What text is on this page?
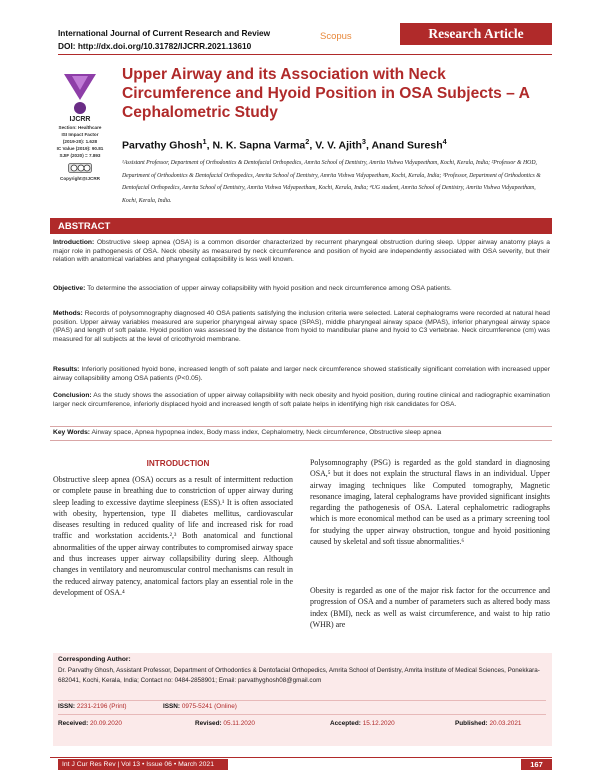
International Journal of Current Research and Review
DOI: http://dx.doi.org/10.31782/IJCRR.2021.13610
Scopus	Research Article
IJCRR
Section: Healthcare
ISI Impact Factor
(2019-20): 1.628
IC Value (2019): 90.81
SJIF (2020) = 7.893
Copyright@IJCRR
Upper Airway and its Association with Neck Circumference and Hyoid Position in OSA Subjects – A Cephalometric Study
Parvathy Ghosh$^1$, N. K. Sapna Varma$^2$, V. V. Ajith$^3$, Anand Suresh$^4$
¹Assistant Professor, Department of Orthodontics & Dentofacial Orthopedics, Amrita School of Dentistry, Amrita Vishwa Vidyapeetham, Kochi, Kerala, India; ²Professor & HOD, Department of Orthodontics & Dentofacial Orthopedics, Amrita School of Dentistry, Amrita Vishwa Vidyapeetham, Kochi, Kerala, India; ³Professor, Department of Orthodontics & Dentofacial Orthopedics, Amrita School of Dentistry, Amrita Vishwa Vidyapeetham, Kochi, Kerala, India; ⁴UG student, Amrita School of Dentistry, Amrita Vishwa Vidyapeetham, Kochi, Kerala, India.
ABSTRACT
Introduction: Obstructive sleep apnea (OSA) is a common disorder characterized by recurrent pharyngeal obstruction during sleep. Upper airway anatomy plays a major role in pathogenesis of OSA. Neck obesity as measured by neck circumference and position of hyoid are independently associated with OSA severity, but their relation with anatomical variables and pharyngeal collapsibility is less well known.
Objective: To determine the association of upper airway collapsibility with hyoid position and neck circumference among OSA patients.
Methods: Records of polysomnography diagnosed 40 OSA patients satisfying the inclusion criteria were selected. Lateral cephalograms were recorded at natural head position. Upper airway variables measured are superior pharyngeal airway space (SPAS), middle pharyngeal airway space (MPAS), inferior pharyngeal airway space (IPAS) and length of soft palate. Hyoid position was assessed by the distance from hyoid to mandibular plane and hyoid to C3 vertebrae. Neck circumference (cm) was measured for all subjects at the level of cricothyroid membrane.
Results: Inferiorly positioned hyoid bone, increased length of soft palate and larger neck circumference showed statistically significant correlation with increased upper airway collapsibility among OSA patients (P<0.05).
Conclusion: As the study shows the association of upper airway collapsibility with neck obesity and hyoid position, during routine clinical and radiographic examination larger neck circumference, inferiorly displaced hyoid and increased length of soft palate helps in identifying high risk candidates for OSA.
Key Words: Airway space, Apnea hypopnea index, Body mass index, Cephalometry, Neck circumference, Obstructive sleep apnea
INTRODUCTION
Obstructive sleep apnea (OSA) occurs as a result of intermittent reduction or complete pause in breathing due to constriction of upper airway during sleep leading to excessive daytime sleepiness (ESS).¹ It is often associated with obesity, hypertension, type II diabetes mellitus, cardiovascular diseases resulting in reduced quality of life and increased risk for road traffic and workstation accidents.²,³ Both anatomical and functional abnormalities of the upper airway contributes to compromised airway space and thus increases upper airway collapsibility during sleep. Although changes in ventilatory and neuromuscular control mechanisms can result in the reduced airway patency, anatomical factors play an essential role in the development of OSA.⁴
Polysomnography (PSG) is regarded as the gold standard in diagnosing OSA,⁵ but it does not explain the structural flaws in an individual. Upper airway imaging techniques like Computed tomography, Magnetic resonance imaging, lateral cephalograms have provided significant insights regarding the pathogenesis of OSA. Lateral cephalometric radiographs which is more economical method can be used as a primary screening tool for studying the upper airway obstruction, tongue and hyoid positioning caused by skeletal and soft tissue abnormalities.⁶
Obesity is regarded as one of the major risk factor for the occurrence and progression of OSA and a number of parameters such as altered body mass index (BMI), neck as well as waist circumference, and waist to hip ratio (WHR) are
Corresponding Author:
Dr. Parvathy Ghosh, Assistant Professor, Department of Orthodontics & Dentofacial Orthopedics, Amrita School of Dentistry, Amrita Institute of Medical Sciences, Ponekkara- 682041, Kochi, Kerala, India; Contact no: 0484-2858901; Email: parvathyghosh08@gmail.com
ISSN: 2231-2196 (Print)	ISSN: 0975-5241 (Online)
Received: 20.09.2020	Revised: 05.11.2020	Accepted: 15.12.2020	Published: 20.03.2021
Int J Cur Res Rev | Vol 13 • Issue 06 • March 2021	167
